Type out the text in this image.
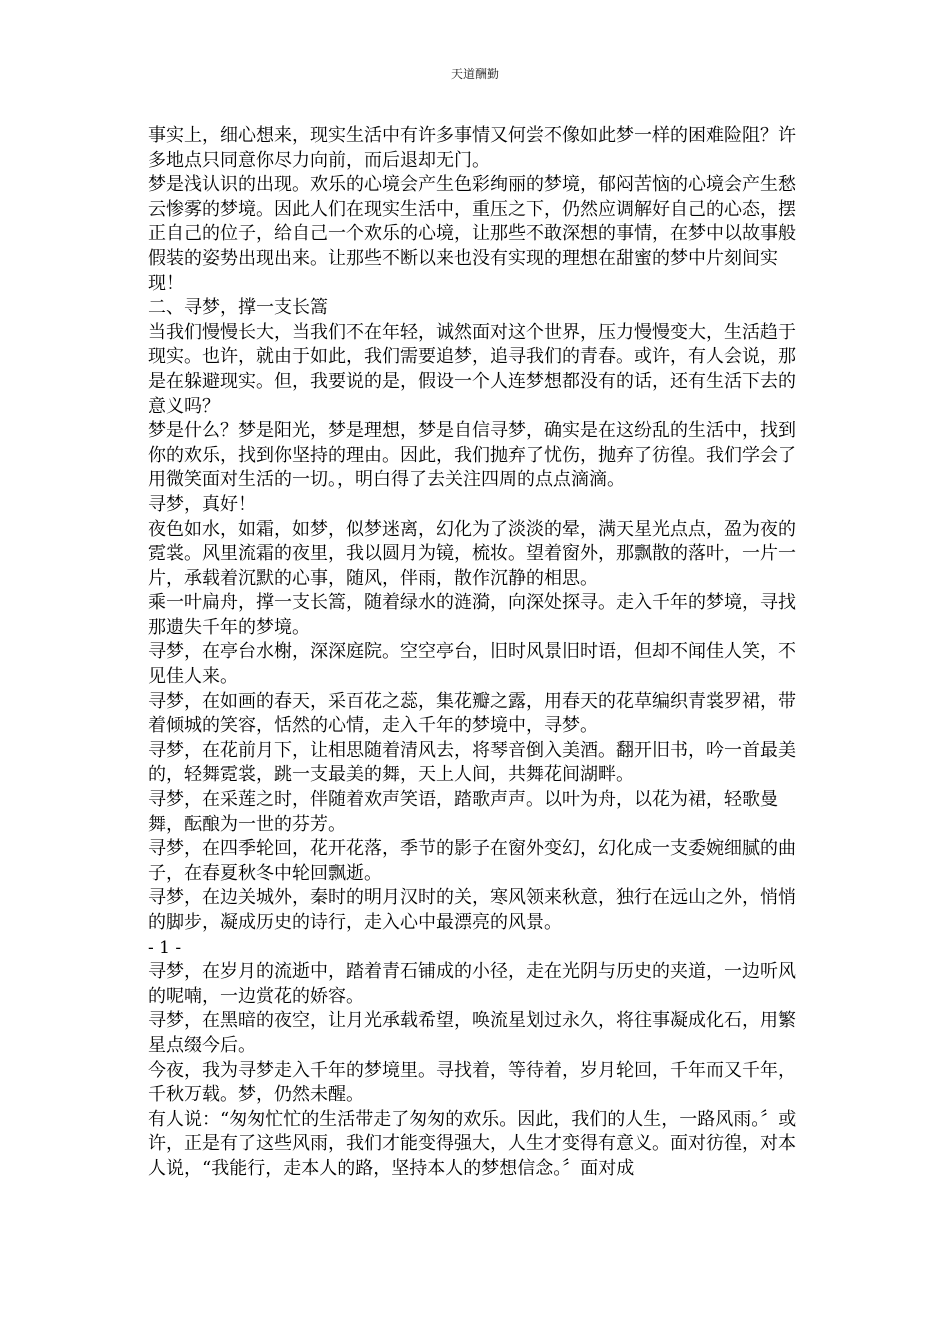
天道酬勤

事实上，细心想来，现实生活中有许多事情又何尝不像如此梦一样的困难险阻？许多地点只同意你尽力向前，而后退却无门。

梦是浅认识的出现。欢乐的心境会产生色彩绚丽的梦境，郁闷苦恼的心境会产生愁云惨雾的梦境。因此人们在现实生活中，重压之下，仍然应调解好自己的心态，摆正自己的位子，给自己一个欢乐的心境，让那些不敢深想的事情，在梦中以故事般假装的姿势出现出来。让那些不断以来也没有实现的理想在甜蜜的梦中片刻间实现！

二、寻梦，撑一支长篙

当我们慢慢长大，当我们不在年轻，诚然面对这个世界，压力慢慢变大，生活趋于现实。也许，就由于如此，我们需要追梦，追寻我们的青春。或许，有人会说，那是在躲避现实。但，我要说的是，假设一个人连梦想都没有的话，还有生活下去的意义吗？

梦是什么？梦是阳光，梦是理想，梦是自信寻梦，确实是在这纷乱的生活中，找到你的欢乐，找到你坚持的理由。因此，我们抛弃了忧伤，抛弃了彷徨。我们学会了用微笑面对生活的一切。，明白得了去关注四周的点点滴滴。

寻梦，真好！

夜色如水，如霜，如梦，似梦迷离，幻化为了淡淡的晕，满天星光点点，盈为夜的霓裳。风里流霜的夜里，我以圆月为镜，梳妆。望着窗外，那飘散的落叶，一片一片，承载着沉默的心事，随风，伴雨，散作沉静的相思。

乘一叶扁舟，撑一支长篙，随着绿水的涟漪，向深处探寻。走入千年的梦境，寻找那遗失千年的梦境。

寻梦，在亭台水榭，深深庭院。空空亭台，旧时风景旧时语，但却不闻佳人笑，不见佳人来。

寻梦，在如画的春天，采百花之蕊，集花瓣之露，用春天的花草编织青裳罗裙，带着倾城的笑容，恬然的心情，走入千年的梦境中，寻梦。

寻梦，在花前月下，让相思随着清风去，将琴音倒入美酒。翻开旧书，吟一首最美的，轻舞霓裳，跳一支最美的舞，天上人间，共舞花间湖畔。

寻梦，在采莲之时，伴随着欢声笑语，踏歌声声。以叶为舟，以花为裙，轻歌曼舞，酝酿为一世的芬芳。

寻梦，在四季轮回，花开花落，季节的影子在窗外变幻，幻化成一支委婉细腻的曲子，在春夏秋冬中轮回飘逝。

寻梦，在边关城外，秦时的明月汉时的关，寒风领来秋意，独行在远山之外，悄悄的脚步，凝成历史的诗行，走入心中最漂亮的风景。

- 1 -

寻梦，在岁月的流逝中，踏着青石铺成的小径，走在光阴与历史的夹道，一边听风的呢喃，一边赏花的娇容。

寻梦，在黑暗的夜空，让月光承载希望，唤流星划过永久，将往事凝成化石，用繁星点缀今后。

今夜，我为寻梦走入千年的梦境里。寻找着，等待着，岁月轮回，千年而又千年，千秋万载。梦，仍然未醒。

有人说：“匆匆忙忙的生活带走了匆匆的欢乐。因此，我们的人生，一路风雨。〞或许，正是有了这些风雨，我们才能变得强大，人生才变得有意义。面对彷徨，对本人说，“我能行，走本人的路，坚持本人的梦想信念。〞面对成
